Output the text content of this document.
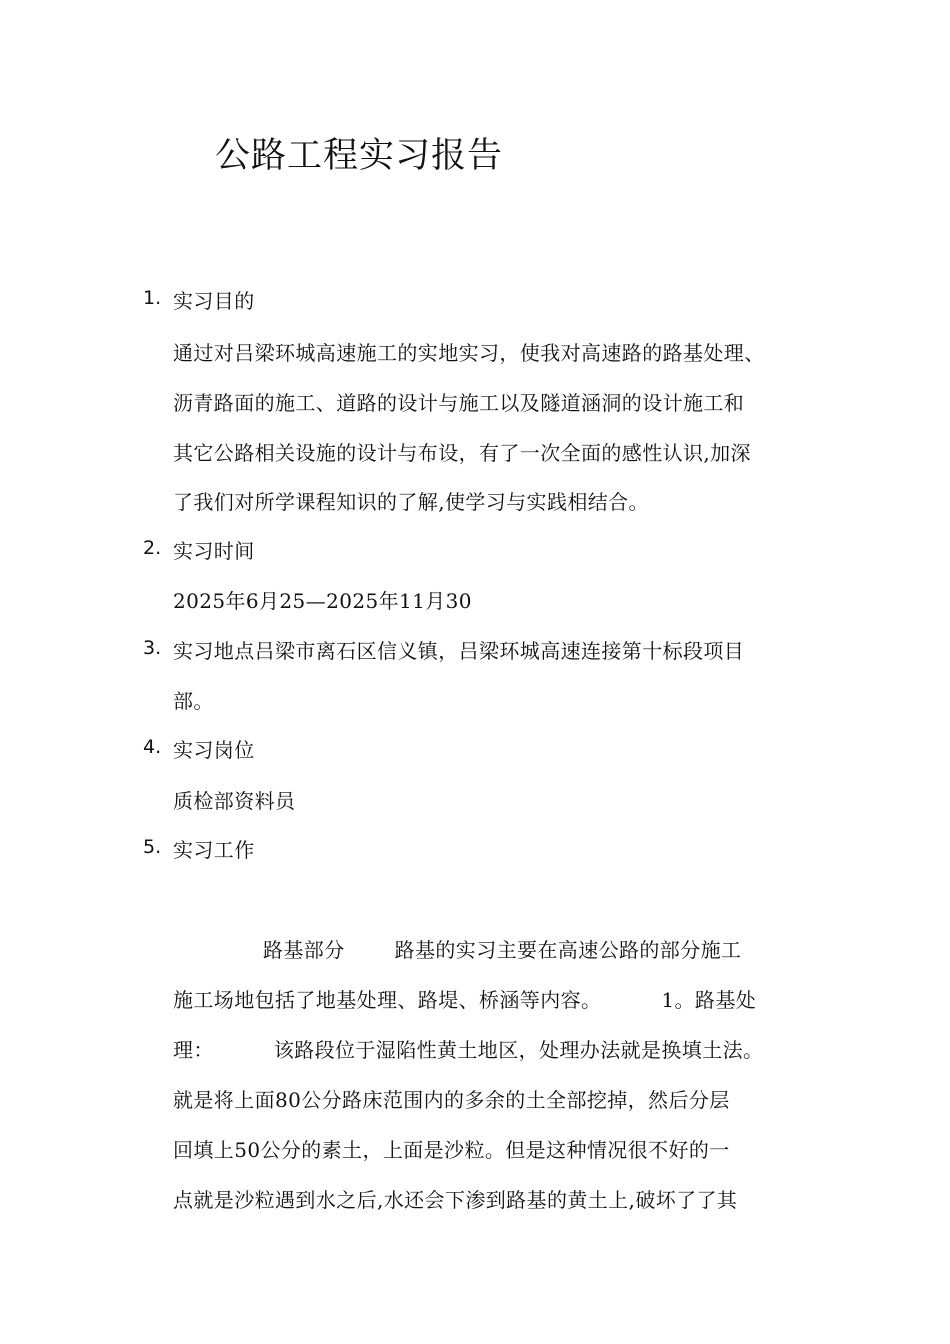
公路工程实习报告
1. 实习目的
通过对吕梁环城高速施工的实地实习，使我对高速路的路基处理、
沥青路面的施工、道路的设计与施工以及隧道涵洞的设计施工和
其它公路相关设施的设计与布设，有了一次全面的感性认识,加深
了我们对所学课程知识的了解,使学习与实践相结合。
2. 实习时间
2025年6月25—2025年11月30
3. 实习地点吕梁市离石区信义镇，吕梁环城高速连接第十标段项目
部。
4. 实习岗位
质检部资料员
5. 实习工作
路基部分	路基的实习主要在高速公路的部分施工
施工场地包括了地基处理、路堤、桥涵等内容。	1。路基处
理：	该路段位于湿陷性黄土地区，处理办法就是换填土法。
就是将上面80公分路床范围内的多余的土全部挖掉，然后分层
回填上50公分的素土，上面是沙粒。但是这种情况很不好的一
点就是沙粒遇到水之后,水还会下渗到路基的黄土上,破坏了了其
